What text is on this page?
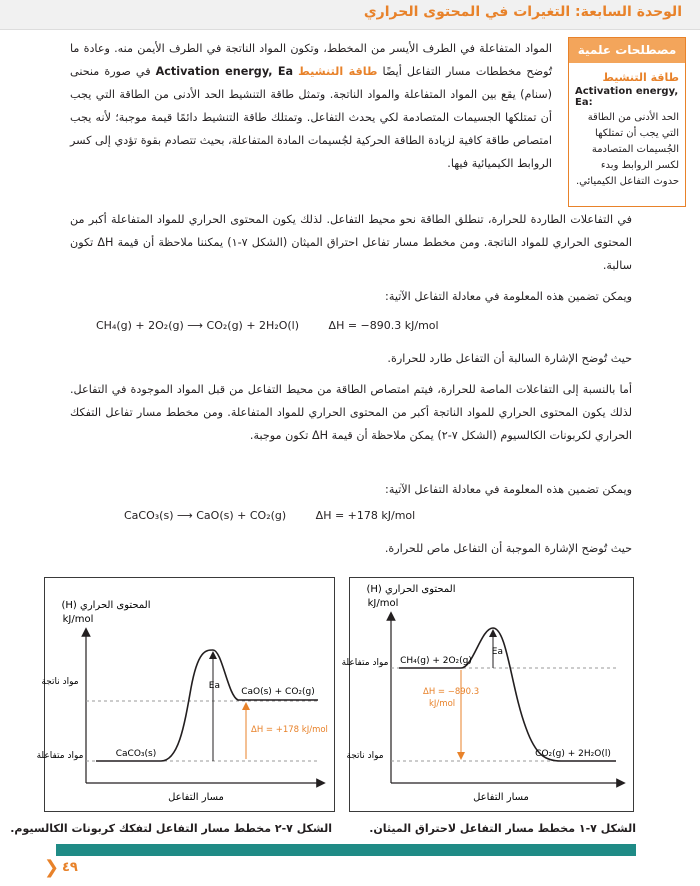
الوحدة السابعة: التغيرات في المحتوى الحراري
مصطلحات علمية
طاقة التنشيط
Activation energy, Ea:
الحد الأدنى من الطاقة التي يجب أن تمتلكها الجُسيمات المتصادمة لكسر الروابط وبدء حدوث التفاعل الكيميائي.

المواد المتفاعلة في الطرف الأيسر من المخطط، وتكون المواد الناتجة في الطرف الأيمن منه. وعادة ما تُوضح مخططات مسار التفاعل أيضًا طاقة التنشيط Activation energy, Ea في صورة منحنى (سنام) يقع بين المواد المتفاعلة والمواد الناتجة. وتمثل طاقة التنشيط الحد الأدنى من الطاقة التي يجب أن تمتلكها الجسيمات المتصادمة لكي يحدث التفاعل. وتمتلك طاقة التنشيط دائمًا قيمة موجبة؛ لأنه يجب امتصاص طاقة كافية لزيادة الطاقة الحركية لجُسيمات المادة المتفاعلة، بحيث تتصادم بقوة تؤدي إلى كسر الروابط الكيميائية فيها.

في التفاعلات الطاردة للحرارة، تنطلق الطاقة نحو محيط التفاعل. لذلك يكون المحتوى الحراري للمواد المتفاعلة أكبر من المحتوى الحراري للمواد الناتجة. ومن مخطط مسار تفاعل احتراق الميثان (الشكل ٧-١) يمكننا ملاحظة أن قيمة ΔH تكون سالبة.
ويمكن تضمين هذه المعلومة في معادلة التفاعل الآتية:
CH₄(g) + 2O₂(g) ⟶ CO₂(g) + 2H₂O(l)	ΔH = −890.3 kJ/mol
حيث تُوضح الإشارة السالبة أن التفاعل طارد للحرارة.
أما بالنسبة إلى التفاعلات الماصة للحرارة، فيتم امتصاص الطاقة من محيط التفاعل من قبل المواد الموجودة في التفاعل. لذلك يكون المحتوى الحراري للمواد الناتجة أكبر من المحتوى الحراري للمواد المتفاعلة. ومن مخطط مسار تفاعل التفكك الحراري لكربونات الكالسيوم (الشكل ٧-٢) يمكن ملاحظة أن قيمة ΔH تكون موجبة.
ويمكن تضمين هذه المعلومة في معادلة التفاعل الآتية:
CaCO₃(s) ⟶ CaO(s) + CO₂(g)	ΔH = +178 kJ/mol
حيث تُوضح الإشارة الموجبة أن التفاعل ماص للحرارة.
المحتوى الحراري (H)
kJ/mol
مواد متفاعلة
مواد ناتجة
CH₄(g) + 2O₂(g)
CO₂(g) + 2H₂O(l)
Ea
ΔH = −890.3
kJ/mol
مسار التفاعل
المحتوى الحراري (H)
kJ/mol
مواد ناتجة
مواد متفاعلة	CaCO₃(s)
CaO(s) + CO₂(g)
Ea
ΔH = +178 kJ/mol
مسار التفاعل
الشكل ٧-١ مخطط مسار التفاعل لاحتراق الميثان.
الشكل ٧-٢ مخطط مسار التفاعل لتفكك كربونات الكالسيوم.
❮ ٤٩
